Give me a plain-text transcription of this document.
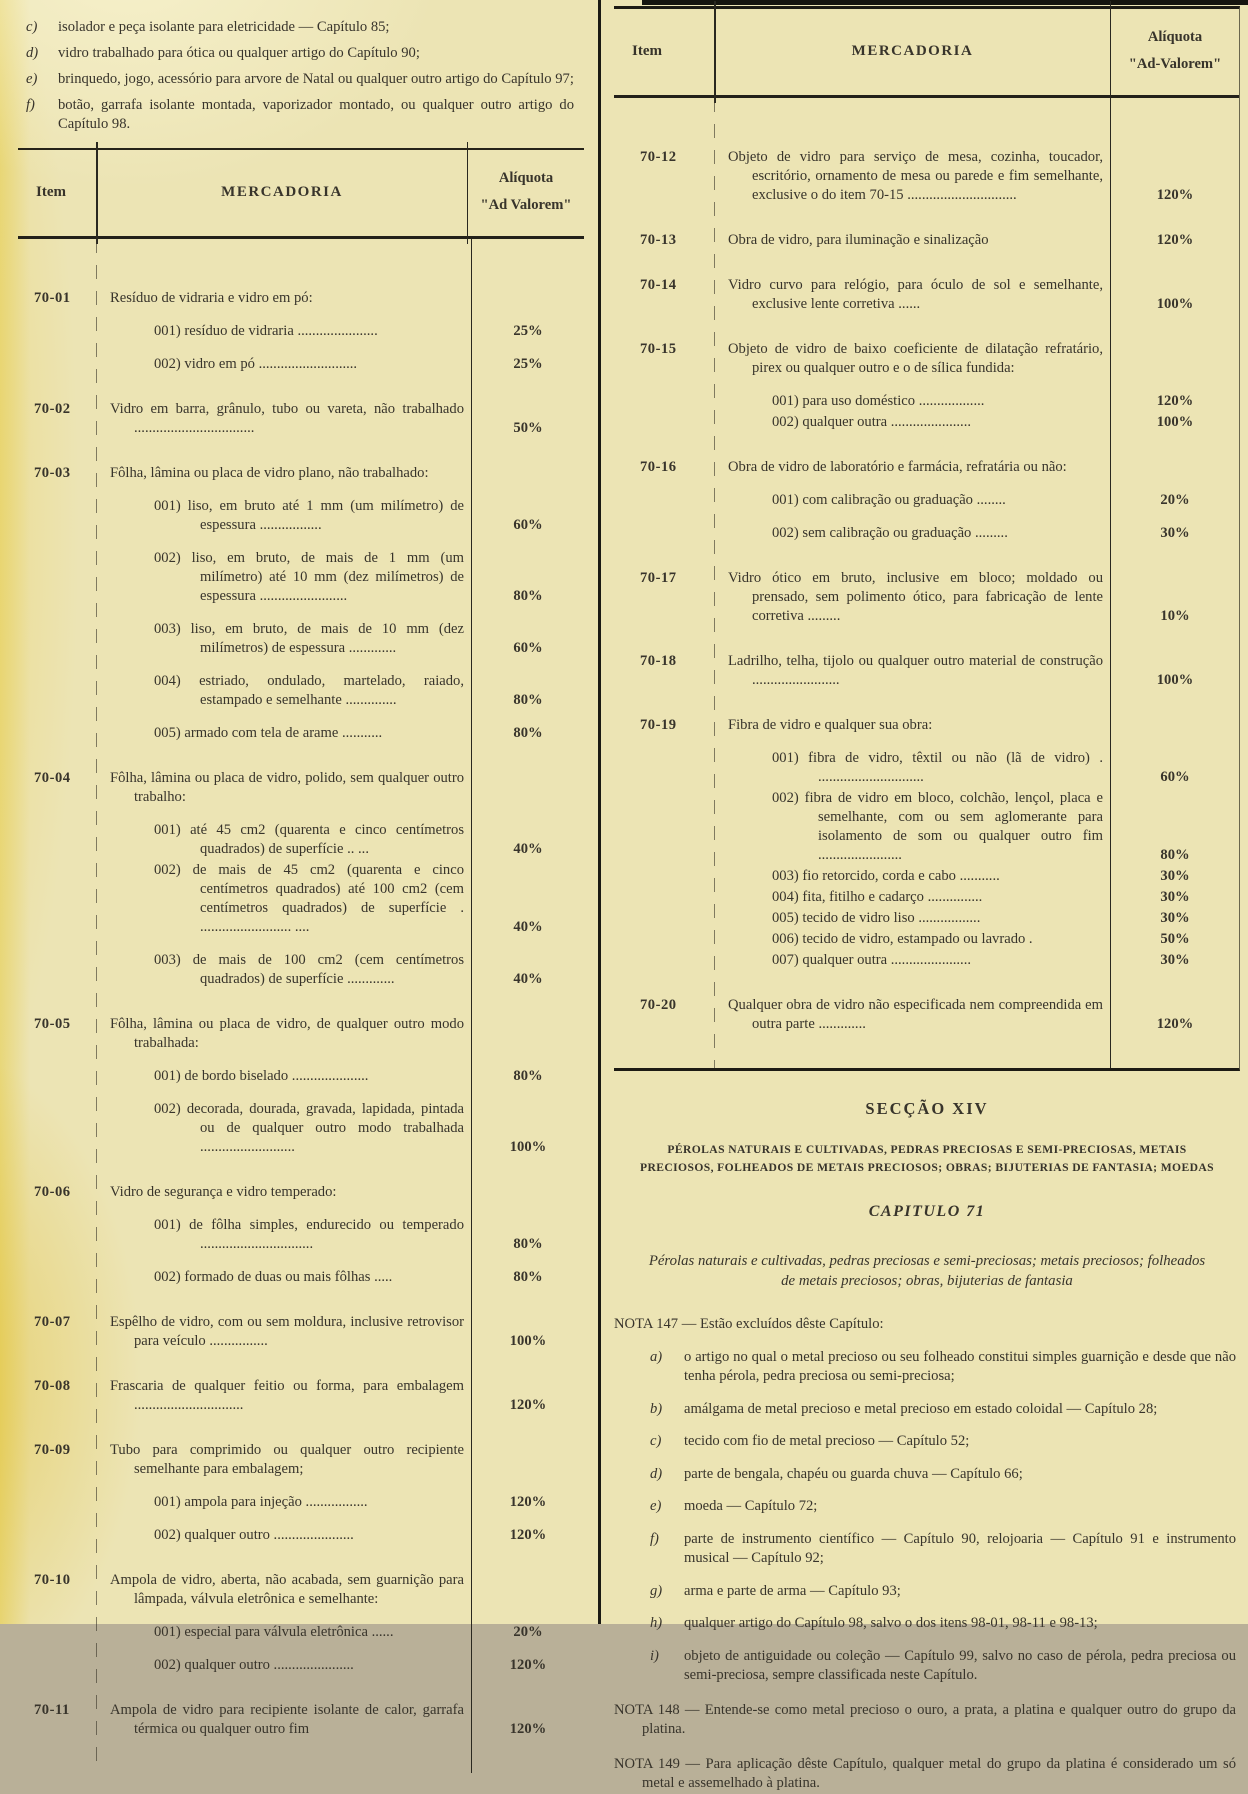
c)	isolador e peça isolante para eletricidade — Capítulo 85;
d)	vidro trabalhado para ótica ou qualquer artigo do Capítulo 90;
e)	brinquedo, jogo, acessório para arvore de Natal ou qualquer outro artigo do Capítulo 97;
f)	botão, garrafa isolante montada, vaporizador montado, ou qualquer outro artigo do Capítulo 98.
Item	MERCADORIA
Alíquota
"Ad Valorem"
70-01	Resíduo de vidraria e vidro em pó:
001) resíduo de vidraria ......................	25%
002) vidro em pó ...........................	25%
70-02	Vidro em barra, grânulo, tubo ou vareta, não trabalhado .................................	50%
70-03	Fôlha, lâmina ou placa de vidro plano, não trabalhado:
001) liso, em bruto até 1 mm (um milímetro) de espessura .................	60%
002) liso, em bruto, de mais de 1 mm (um milímetro) até 10 mm (dez milímetros) de espessura ........................	80%
003) liso, em bruto, de mais de 10 mm (dez milímetros) de espessura .............	60%
004) estriado, ondulado, martelado, raiado, estampado e semelhante ..............	80%
005) armado com tela de arame ...........	80%
70-04	Fôlha, lâmina ou placa de vidro, polido, sem qualquer outro trabalho:
001) até 45 cm2 (quarenta e cinco centímetros quadrados) de superfície .. ...	40%
002) de mais de 45 cm2 (quarenta e cinco centímetros quadrados) até 100 cm2 (cem centímetros quadrados) de superfície . ......................... ....	40%
003) de mais de 100 cm2 (cem centímetros quadrados) de superfície .............	40%
70-05	Fôlha, lâmina ou placa de vidro, de qualquer outro modo trabalhada:
001) de bordo biselado .....................	80%
002) decorada, dourada, gravada, lapidada, pintada ou de qualquer outro modo trabalhada ..........................	100%
70-06	Vidro de segurança e vidro temperado:
001) de fôlha simples, endurecido ou temperado ...............................	80%
002) formado de duas ou mais fôlhas .....	80%
70-07	Espêlho de vidro, com ou sem moldura, inclusive retrovisor para veículo ................	100%
70-08	Frascaria de qualquer feitio ou forma, para embalagem ..............................	120%
70-09	Tubo para comprimido ou qualquer outro recipiente semelhante para embalagem;
001) ampola para injeção .................	120%
002) qualquer outro ......................	120%
70-10	Ampola de vidro, aberta, não acabada, sem guarnição para lâmpada, válvula eletrônica e semelhante:
001) especial para válvula eletrônica ......	20%
002) qualquer outro ......................	120%
70-11	Ampola de vidro para recipiente isolante de calor, garrafa térmica ou qualquer outro fim	120%
Item	MERCADORIA
Alíquota
"Ad-Valorem"
70-12	Objeto de vidro para serviço de mesa, cozinha, toucador, escritório, ornamento de mesa ou parede e fim semelhante, exclusive o do item 70-15 ..............................	120%
70-13	Obra de vidro, para iluminação e sinalização	120%
70-14	Vidro curvo para relógio, para óculo de sol e semelhante, exclusive lente corretiva ......	100%
70-15	Objeto de vidro de baixo coeficiente de dilatação refratário, pirex ou qualquer outro e o de sílica fundida:
001) para uso doméstico ..................	120%
002) qualquer outra ......................	100%
70-16	Obra de vidro de laboratório e farmácia, refratária ou não:
001) com calibração ou graduação ........	20%
002) sem calibração ou graduação .........	30%
70-17	Vidro ótico em bruto, inclusive em bloco; moldado ou prensado, sem polimento ótico, para fabricação de lente corretiva .........	10%
70-18	Ladrilho, telha, tijolo ou qualquer outro material de construção ........................	100%
70-19	Fibra de vidro e qualquer sua obra:
001) fibra de vidro, têxtil ou não (lã de vidro) . .............................	60%
002) fibra de vidro em bloco, colchão, lençol, placa e semelhante, com ou sem aglomerante para isolamento de som ou qualquer outro fim .......................	80%
003) fio retorcido, corda e cabo ...........	30%
004) fita, fitilho e cadarço ...............	30%
005) tecido de vidro liso .................	30%
006) tecido de vidro, estampado ou lavrado .	50%
007) qualquer outra ......................	30%
70-20	Qualquer obra de vidro não especificada nem compreendida em outra parte .............	120%
SECÇÃO XIV
PÉROLAS NATURAIS E CULTIVADAS, PEDRAS PRECIOSAS E SEMI-PRECIOSAS, METAIS PRECIOSOS, FOLHEADOS DE METAIS PRECIOSOS; OBRAS; BIJUTERIAS DE FANTASIA; MOEDAS
CAPITULO 71
Pérolas naturais e cultivadas, pedras preciosas e semi-preciosas; metais preciosos; folheados de metais preciosos; obras, bijuterias de fantasia
NOTA 147 — Estão excluídos dêste Capítulo:
a)	o artigo no qual o metal precioso ou seu folheado constitui simples guarnição e desde que não tenha pérola, pedra preciosa ou semi-preciosa;
b)	amálgama de metal precioso e metal precioso em estado coloidal — Capítulo 28;
c)	tecido com fio de metal precioso — Capítulo 52;
d)	parte de bengala, chapéu ou guarda chuva — Capítulo 66;
e)	moeda — Capítulo 72;
f)	parte de instrumento científico — Capítulo 90, relojoaria — Capítulo 91 e instrumento musical — Capítulo 92;
g)	arma e parte de arma — Capítulo 93;
h)	qualquer artigo do Capítulo 98, salvo o dos itens 98-01, 98-11 e 98-13;
i)	objeto de antiguidade ou coleção — Capítulo 99, salvo no caso de pérola, pedra preciosa ou semi-preciosa, sempre classificada neste Capítulo.
NOTA 148 — Entende-se como metal precioso o ouro, a prata, a platina e qualquer outro do grupo da platina.
NOTA 149 — Para aplicação dêste Capítulo, qualquer metal do grupo da platina é considerado um só metal e assemelhado à platina.
